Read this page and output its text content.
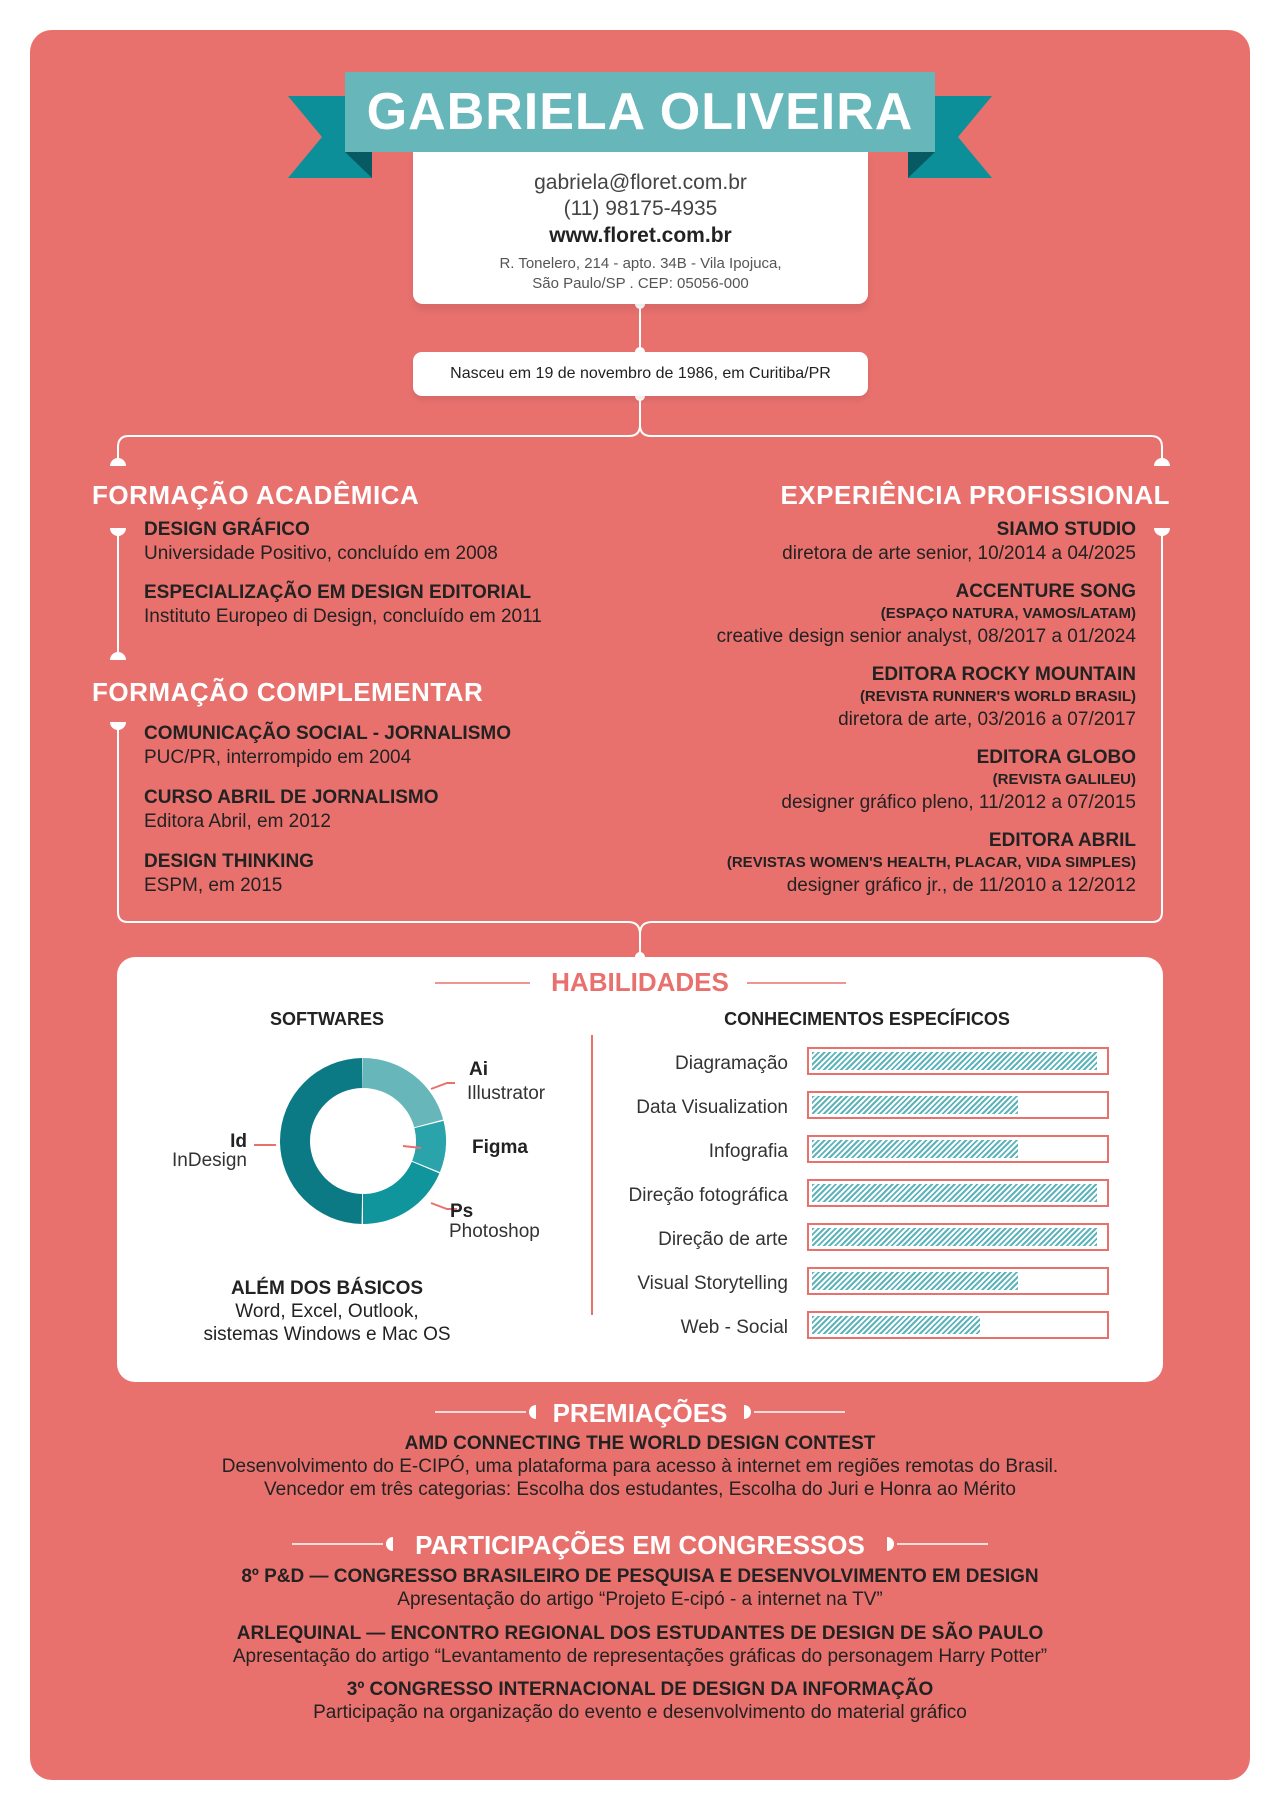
GABRIELA OLIVEIRA
gabriela@floret.com.br
(11) 98175-4935
www.floret.com.br
R. Tonelero, 214 - apto. 34B - Vila Ipojuca,
São Paulo/SP . CEP: 05056-000
Nasceu em 19 de novembro de 1986, em Curitiba/PR
FORMAÇÃO ACADÊMICA
DESIGN GRÁFICO
Universidade Positivo, concluído em 2008
ESPECIALIZAÇÃO EM DESIGN EDITORIAL
Instituto Europeo di Design, concluído em 2011
FORMAÇÃO COMPLEMENTAR
COMUNICAÇÃO SOCIAL - JORNALISMO
PUC/PR, interrompido em 2004
CURSO ABRIL DE JORNALISMO
Editora Abril, em 2012
DESIGN THINKING
ESPM, em 2015
EXPERIÊNCIA PROFISSIONAL
SIAMO STUDIO
diretora de arte senior, 10/2014 a 04/2025
ACCENTURE SONG
(ESPAÇO NATURA, VAMOS/LATAM)
creative design senior analyst, 08/2017 a 01/2024
EDITORA ROCKY MOUNTAIN
(REVISTA RUNNER'S WORLD BRASIL)
diretora de arte, 03/2016 a 07/2017
EDITORA GLOBO
(REVISTA GALILEU)
designer gráfico pleno, 11/2012 a 07/2015
EDITORA ABRIL
(REVISTAS WOMEN'S HEALTH, PLACAR, VIDA SIMPLES)
designer gráfico jr., de 11/2010 a 12/2012
HABILIDADES
SOFTWARES
Ai
Illustrator
Figma
Ps
Photoshop
Id
InDesign
ALÉM DOS BÁSICOS
Word, Excel, Outlook,
sistemas Windows e Mac OS
CONHECIMENTOS ESPECÍFICOS
Diagramação
Data Visualization
Infografia
Direção fotográfica
Direção de arte
Visual Storytelling
Web - Social
PREMIAÇÕES
AMD CONNECTING THE WORLD DESIGN CONTEST
Desenvolvimento do E-CIPÓ, uma plataforma para acesso à internet em regiões remotas do Brasil.
Vencedor em três categorias: Escolha dos estudantes, Escolha do Juri e Honra ao Mérito
PARTICIPAÇÕES EM CONGRESSOS
8º P&D — CONGRESSO BRASILEIRO DE PESQUISA E DESENVOLVIMENTO EM DESIGN
Apresentação do artigo “Projeto E-cipó - a internet na TV”
ARLEQUINAL — ENCONTRO REGIONAL DOS ESTUDANTES DE DESIGN DE SÃO PAULO
Apresentação do artigo “Levantamento de representações gráficas do personagem Harry Potter”
3º CONGRESSO INTERNACIONAL DE DESIGN DA INFORMAÇÃO
Participação na organização do evento e desenvolvimento do material gráfico
